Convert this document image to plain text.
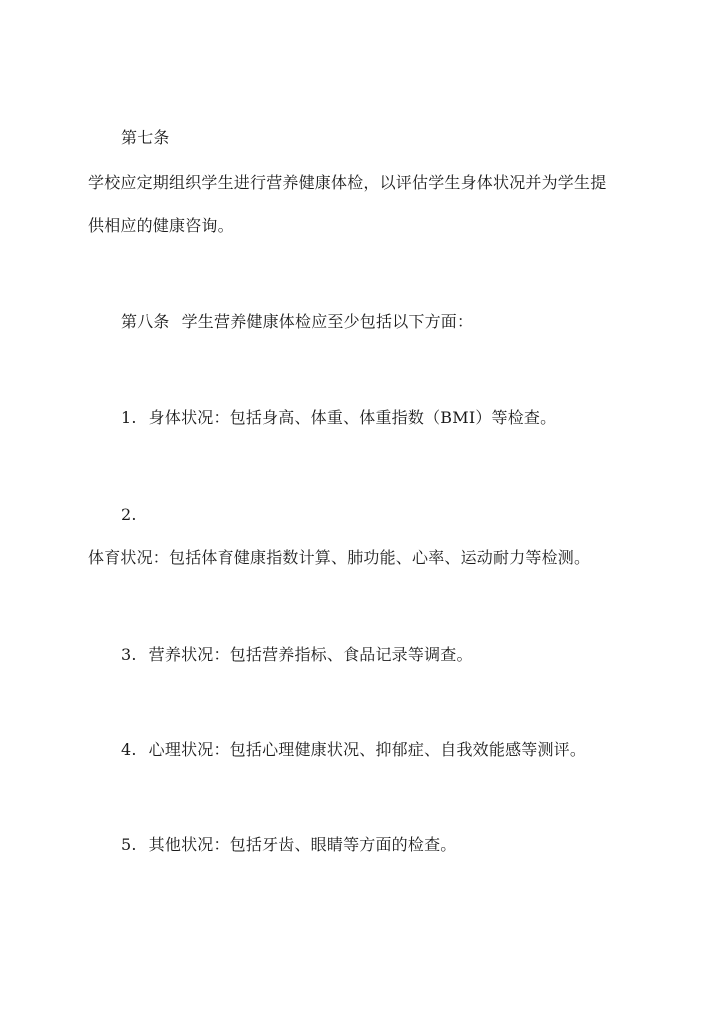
第七条
学校应定期组织学生进行营养健康体检，以评估学生身体状况并为学生提
供相应的健康咨询。
第八条 学生营养健康体检应至少包括以下方面：
1. 身体状况：包括身高、体重、体重指数（BMI）等检查。
2.
体育状况：包括体育健康指数计算、肺功能、心率、运动耐力等检测。
3. 营养状况：包括营养指标、食品记录等调查。
4. 心理状况：包括心理健康状况、抑郁症、自我效能感等测评。
5. 其他状况：包括牙齿、眼睛等方面的检查。
